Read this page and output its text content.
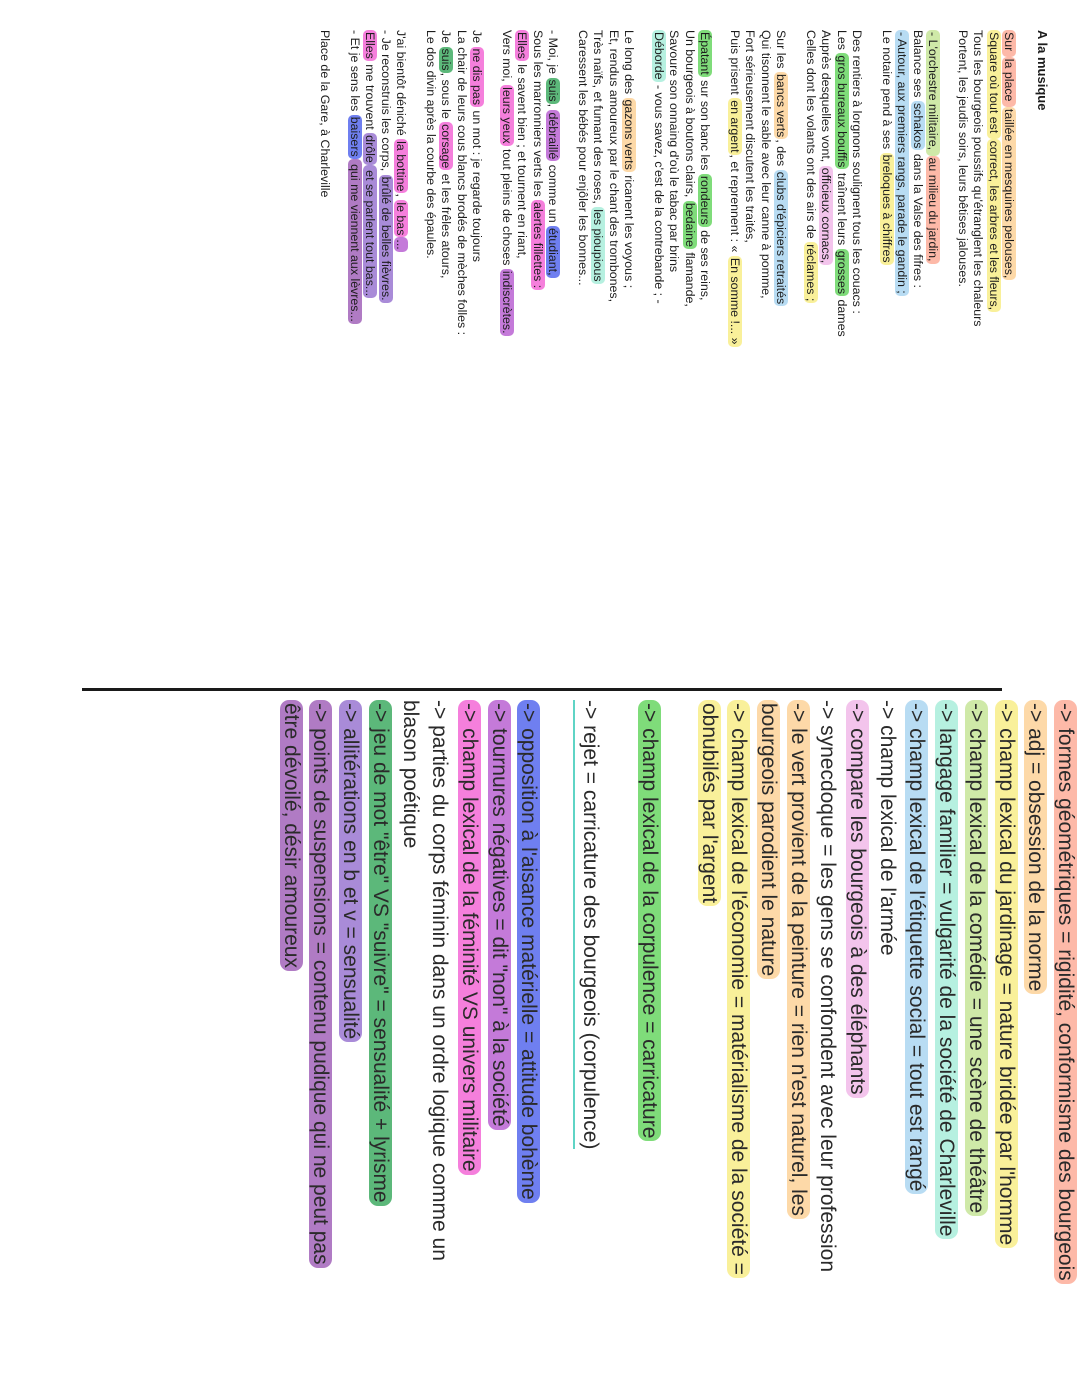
A la musique
Sur la place taillée en mesquines pelouses,
Square où tout est correct, les arbres et les fleurs,
Tous les bourgeois poussifs qu'étranglent les chaleurs
Portent, les jeudis soirs, leurs bêtises jalouses.
- L'orchestre militaire, au milieu du jardin,
Balance ses schakos dans la Valse des fifres :
- Autour, aux premiers rangs, parade le gandin ;
Le notaire pend à ses breloques à chiffres
Des rentiers à lorgnons soulignent tous les couacs :
Les gros bureaux bouffis traînent leurs grosses dames
Auprès desquelles vont, officieux cornacs,
Celles dont les volants ont des airs de réclames ;
Sur les bancs verts, des clubs d'épiciers retraités
Qui tisonnent le sable avec leur canne à pomme,
Fort sérieusement discutent les traités,
Puis prisent en argent, et reprennent : « En somme !... »
Épatant sur son banc les rondeurs de ses reins,
Un bourgeois à boutons clairs, bedaine flamande,
Savoure son onnaing d'où le tabac par brins
Déborde - vous savez, c'est de la contrebande ; -
Le long des gazons verts ricanent les voyous ;
Et, rendus amoureux par le chant des trombones,
Très naïfs, et fumant des roses, les pioupious
Caressent les bébés pour enjôler les bonnes...
- Moi, je suis, débraillé comme un étudiant,
Sous les marronniers verts les alertes fillettes :
Elles le savent bien ; et tournent en riant,
Vers moi, leurs yeux tout pleins de choses indiscrètes.
Je ne dis pas un mot : je regarde toujours
La chair de leurs cous blancs brodés de mèches folles :
Je suis, sous le corsage et les frêles atours,
Le dos divin après la courbe des épaules.
J'ai bientôt déniché la bottine, le bas...
- Je reconstruis les corps, brûlé de belles fièvres.
Elles me trouvent drôle et se parlent tout bas...
- Et je sens les baisers qui me viennent aux lèvres...
Place de la Gare, à Charleville
-> formes géométriques = rigidité, conformisme des bourgeois
-> adj = obsession de la norme
-> champ lexical du jardinage = nature bridée par l'homme
-> champ lexical de la comédie = une scène de théâtre
-> langage familier = vulgarité de la société de Charleville
-> champ lexical de l'étiquette social = tout est rangé
-> champ lexical de l'armée
-> compare les bourgeois à des éléphants
-> synecdoque = les gens se confondent avec leur profession
-> le vert provient de la peinture = rien n'est naturel, les
bourgeois parodient le nature
-> champ lexical de l'économie = matérialisme de la société =
obnubilés par l'argent
-> champ lexical de la corpulence = carricature
-> rejet = carricature des bourgeois (corpulence)
-> opposition à l'aisance matérielle = attitude bohème
-> tournures négatives = dit "non" à la société
-> champ lexical de la féminité VS univers militaire
-> parties du corps féminin dans un ordre logique comme un
blason poétique
-> jeu de mot "être" VS "suivre" = sensualité + lyrisme
-> allitérations en b et v = sensualité
-> points de suspensions = contenu pudique qui ne peut pas
être dévoilé, désir amoureux
